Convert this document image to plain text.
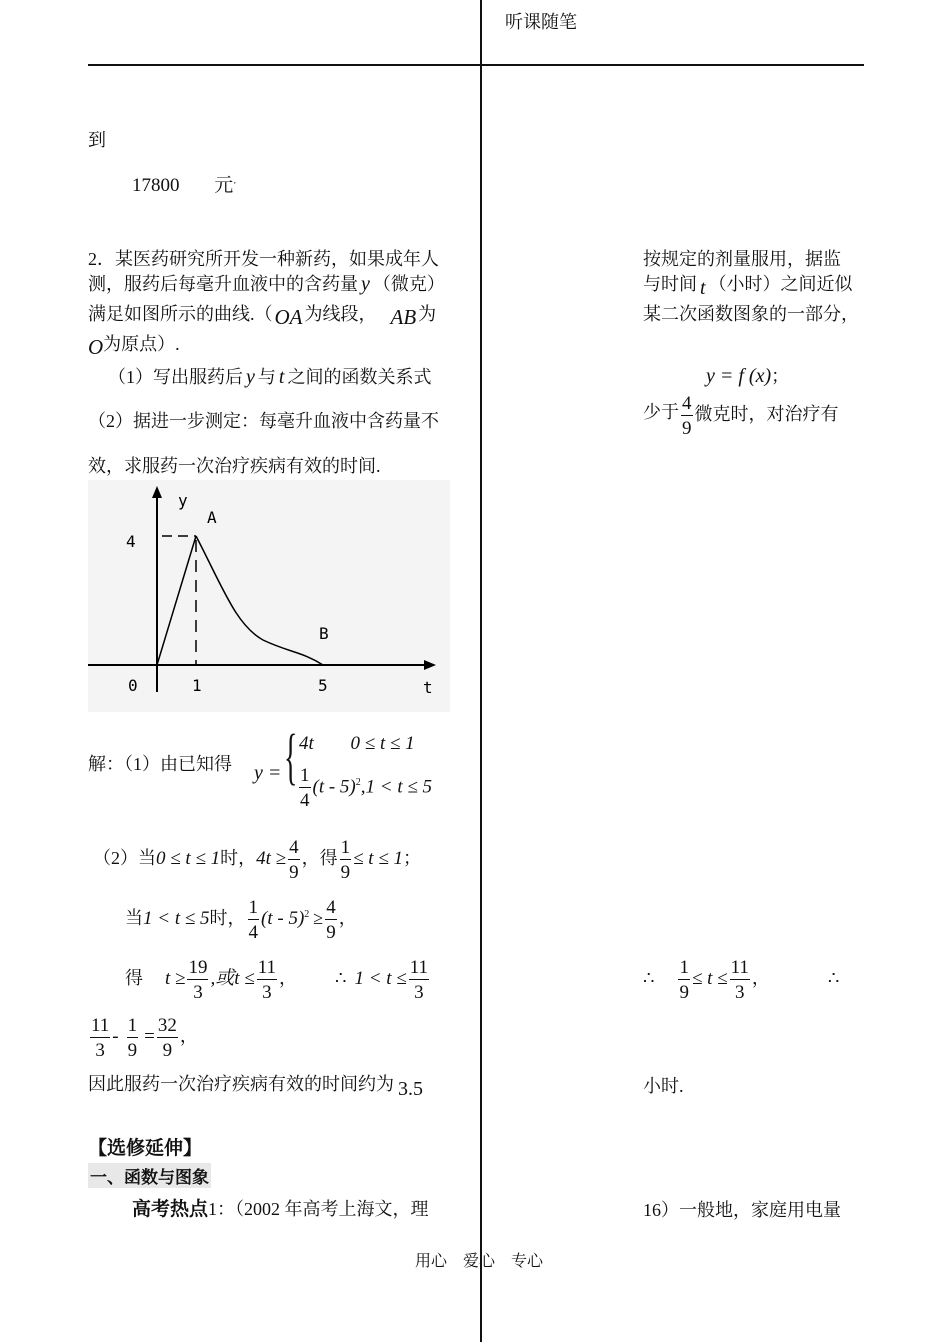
听课随笔
到
17800 元.
2．某医药研究所开发一种新药，如果成年人	按规定的剂量服用，据监
测，服药后每毫升血液中的含药量 y （微克）	与时间 t （小时）之间近似
满足如图所示的曲线.（OA 为线段， AB 为	某二次函数图象的一部分，
O为原点）.
（1）写出服药后 y 与 t 之间的函数关系式	y = f (x)；
（2）据进一步测定：每毫升血液中含药量不	少于 $\frac{4}{9}$ 微克时，对治疗有
效，求服药一次治疗疾病有效的时间.
y
A
B
4
0	1	5	t
解：（1）由已知得 y = { 4t 0 ≤ t ≤ 1
$\frac{1}{4} (t - 5)^2,1 < t \le 5$
（2）当0 ≤ t ≤ 1时，$4t \ge \frac{4}{9}$ ，得 $\frac{1}{9} \le t \le 1$；
当1 < t ≤ 5时， $\frac{1}{4} (t - 5)^2 \ge \frac{4}{9}$ ，
得 $t \ge \frac{19}{3}$ ,或$t \le \frac{11}{3}$ ， ∴ $1 < t \le \frac{11}{3}$	∴ $\frac{1}{9} \le t \le \frac{11}{3}$ ，	∴
$\frac{11}{3} - \frac{1}{9} = \frac{32}{9}$ ，
因此服药一次治疗疾病有效的时间约为 3.5	小时.
【选修延伸】
一、函数与图象
高考热点1：（2002 年高考上海文，理	16）一般地，家庭用电量
用心　爱心　专心
